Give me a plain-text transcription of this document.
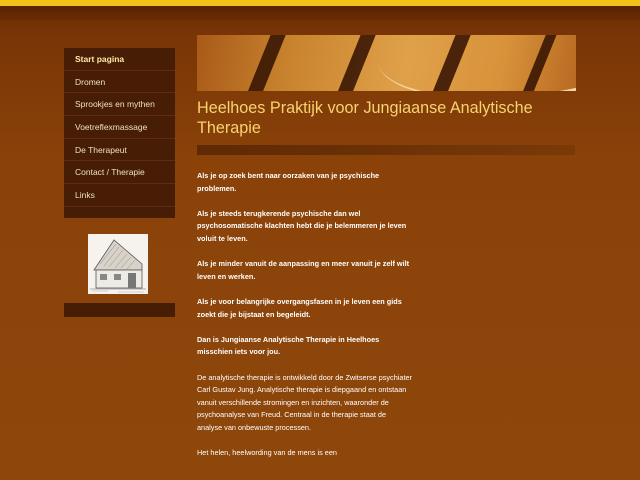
Start pagina
Dromen
Sprookjes en mythen
Voetreflexmassage
De Therapeut
Contact / Therapie
Links
Heelhoes Praktijk voor Jungiaanse Analytische Therapie

Als je op zoek bent naar oorzaken van je psychische problemen.

Als je steeds terugkerende psychische dan wel psychosomatische klachten hebt die je belemmeren je leven voluit te leven.

Als je minder vanuit de aanpassing en meer vanuit je zelf wilt leven en werken.

Als je voor belangrijke overgangsfasen in je leven een gids zoekt die je bijstaat en begeleidt.

Dan is Jungiaanse Analytische Therapie in Heelhoes misschien iets voor jou.

De analytische therapie is ontwikkeld door de Zwitserse psychiater Carl Gustav Jung. Analytische therapie is diepgaand en ontstaan vanuit verschillende stromingen en inzichten, waaronder de psychoanalyse van Freud. Centraal in de therapie staat de analyse van onbewuste processen.

Het helen, heelwording van de mens is een
